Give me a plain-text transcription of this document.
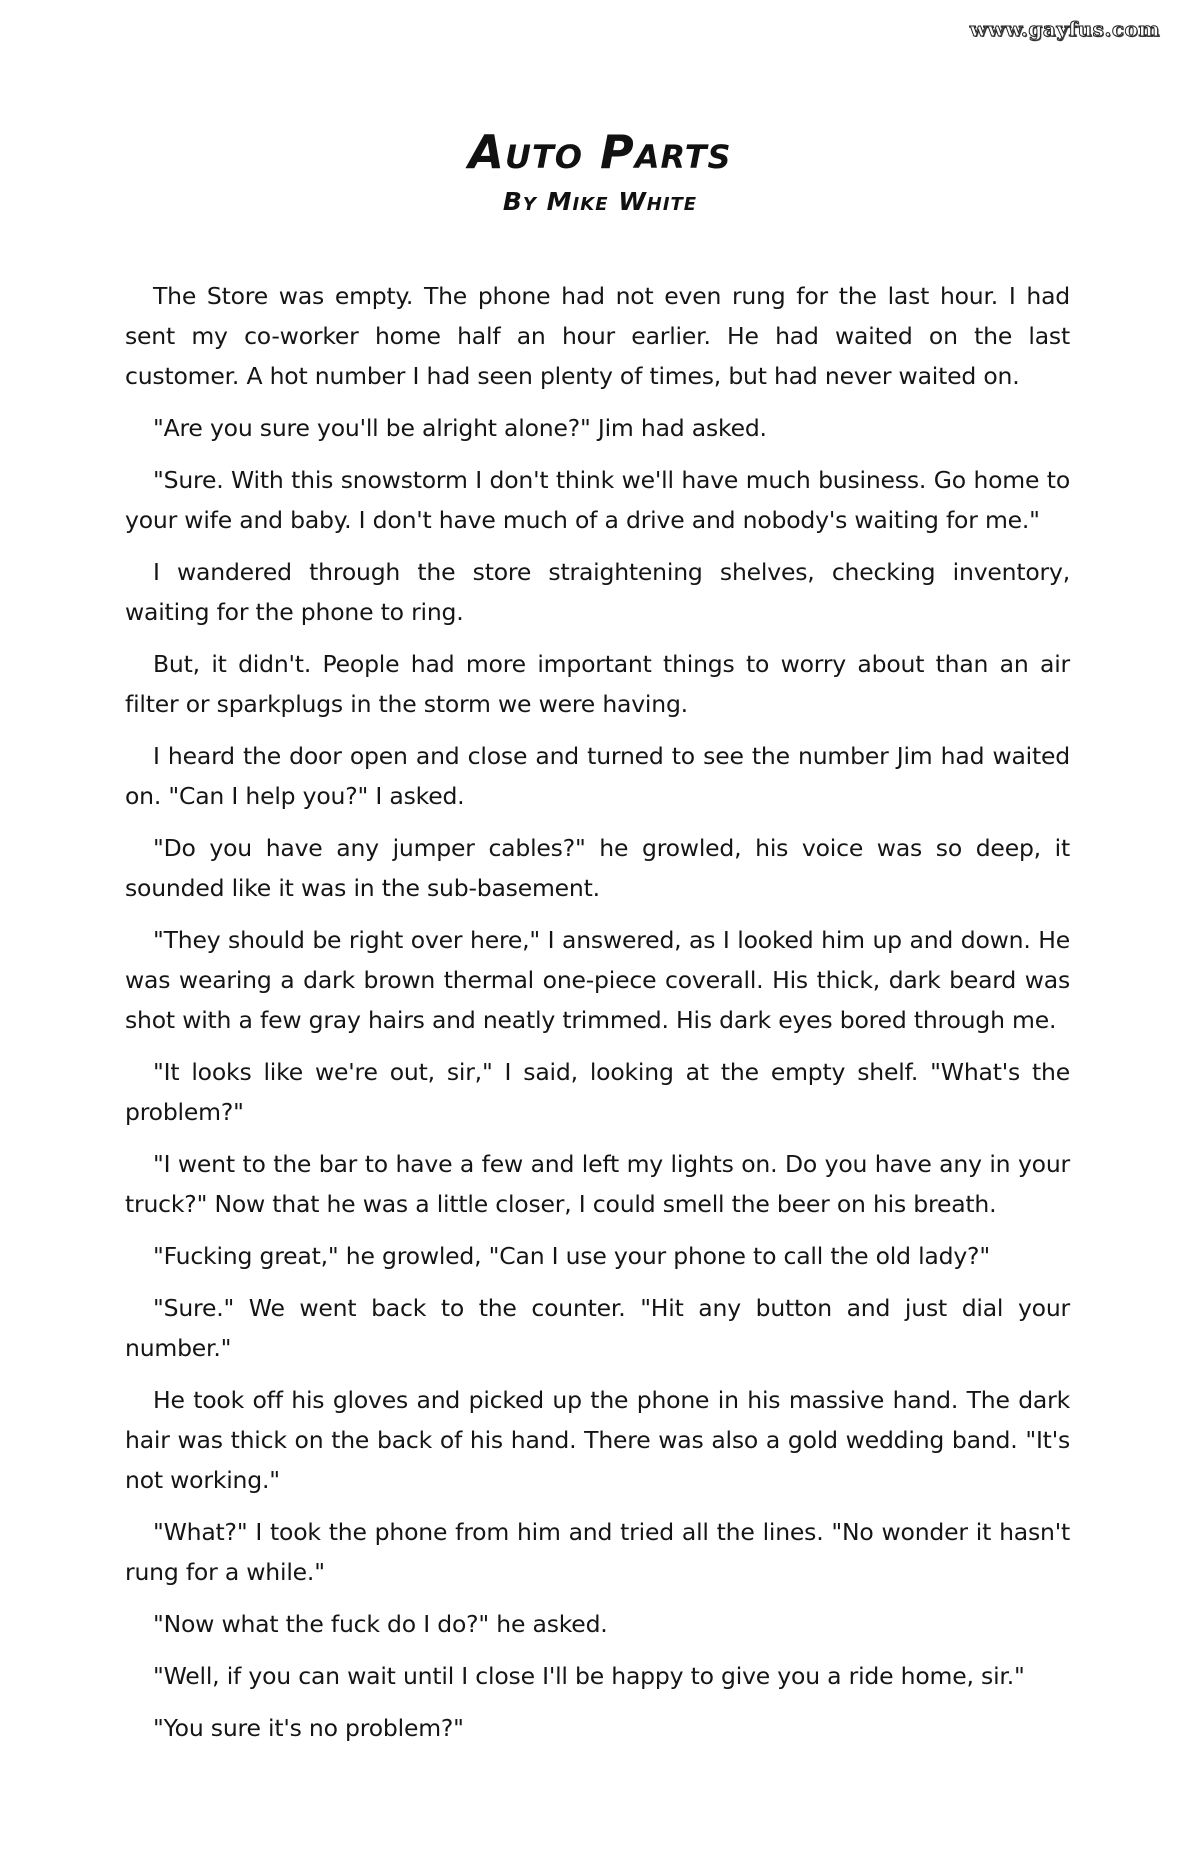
www.gayfus.com
Auto Parts
By Mike White

The Store was empty. The phone had not even rung for the last hour. I had sent my co-worker home half an hour earlier. He had waited on the last customer. A hot number I had seen plenty of times, but had never waited on.

"Are you sure you'll be alright alone?" Jim had asked.

"Sure. With this snowstorm I don't think we'll have much business. Go home to your wife and baby. I don't have much of a drive and nobody's waiting for me."

I wandered through the store straightening shelves, checking inventory, waiting for the phone to ring.

But, it didn't. People had more important things to worry about than an air filter or sparkplugs in the storm we were having.

I heard the door open and close and turned to see the number Jim had waited on. "Can I help you?" I asked.

"Do you have any jumper cables?" he growled, his voice was so deep, it sounded like it was in the sub-basement.

"They should be right over here," I answered, as I looked him up and down. He was wearing a dark brown thermal one-piece coverall. His thick, dark beard was shot with a few gray hairs and neatly trimmed. His dark eyes bored through me.

"It looks like we're out, sir," I said, looking at the empty shelf. "What's the problem?"

"I went to the bar to have a few and left my lights on. Do you have any in your truck?" Now that he was a little closer, I could smell the beer on his breath.

"Fucking great," he growled, "Can I use your phone to call the old lady?"

"Sure." We went back to the counter. "Hit any button and just dial your number."

He took off his gloves and picked up the phone in his massive hand. The dark hair was thick on the back of his hand. There was also a gold wedding band. "It's not working."

"What?" I took the phone from him and tried all the lines. "No wonder it hasn't rung for a while."

"Now what the fuck do I do?" he asked.

"Well, if you can wait until I close I'll be happy to give you a ride home, sir."

"You sure it's no problem?"
